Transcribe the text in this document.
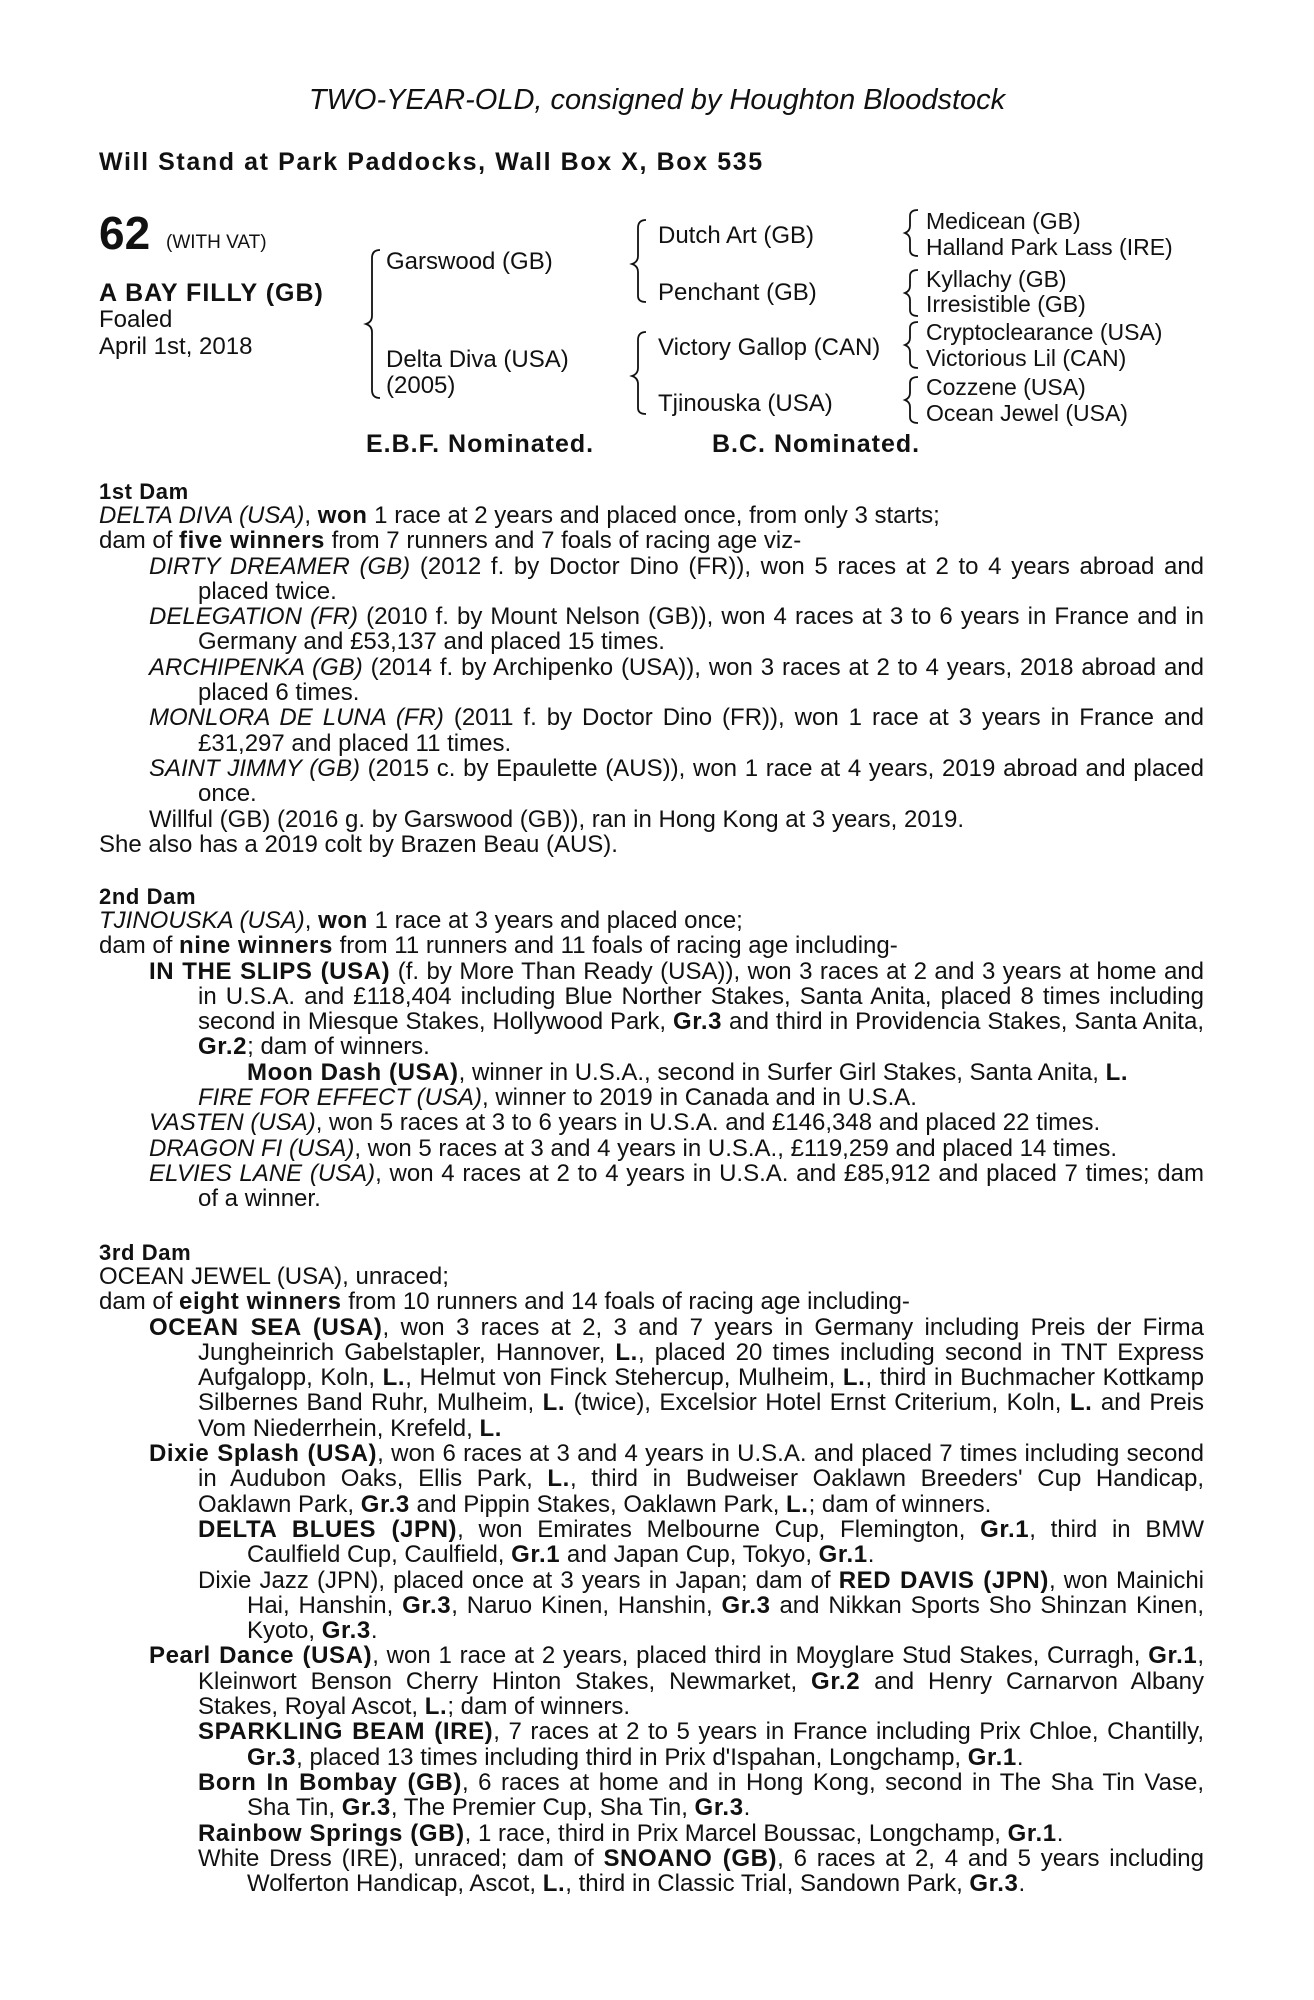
TWO-YEAR-OLD, consigned by Houghton Bloodstock
Will Stand at Park Paddocks, Wall Box X, Box 535
62 (WITH VAT)
A BAY FILLY (GB)
Foaled
April 1st, 2018
Garswood (GB)
Delta Diva (USA)
(2005)
Dutch Art (GB)
Penchant (GB)
Victory Gallop (CAN)
Tjinouska (USA)
Medicean (GB)
Halland Park Lass (IRE)
Kyllachy (GB)
Irresistible (GB)
Cryptoclearance (USA)
Victorious Lil (CAN)
Cozzene (USA)
Ocean Jewel (USA)
E.B.F. Nominated.	B.C. Nominated.
1st Dam

DELTA DIVA (USA), won 1 race at 2 years and placed once, from only 3 starts;

dam of five winners from 7 runners and 7 foals of racing age viz-

DIRTY DREAMER (GB) (2012 f. by Doctor Dino (FR)), won 5 races at 2 to 4 years abroad and placed twice.

DELEGATION (FR) (2010 f. by Mount Nelson (GB)), won 4 races at 3 to 6 years in France and in Germany and £53,137 and placed 15 times.

ARCHIPENKA (GB) (2014 f. by Archipenko (USA)), won 3 races at 2 to 4 years, 2018 abroad and placed 6 times.

MONLORA DE LUNA (FR) (2011 f. by Doctor Dino (FR)), won 1 race at 3 years in France and £31,297 and placed 11 times.

SAINT JIMMY (GB) (2015 c. by Epaulette (AUS)), won 1 race at 4 years, 2019 abroad and placed once.

Willful (GB) (2016 g. by Garswood (GB)), ran in Hong Kong at 3 years, 2019.

She also has a 2019 colt by Brazen Beau (AUS).

2nd Dam

TJINOUSKA (USA), won 1 race at 3 years and placed once;

dam of nine winners from 11 runners and 11 foals of racing age including-

IN THE SLIPS (USA) (f. by More Than Ready (USA)), won 3 races at 2 and 3 years at home and in U.S.A. and £118,404 including Blue Norther Stakes, Santa Anita, placed 8 times including second in Miesque Stakes, Hollywood Park, Gr.3 and third in Providencia Stakes, Santa Anita, Gr.2; dam of winners.

Moon Dash (USA), winner in U.S.A., second in Surfer Girl Stakes, Santa Anita, L.

FIRE FOR EFFECT (USA), winner to 2019 in Canada and in U.S.A.

VASTEN (USA), won 5 races at 3 to 6 years in U.S.A. and £146,348 and placed 22 times.

DRAGON FI (USA), won 5 races at 3 and 4 years in U.S.A., £119,259 and placed 14 times.

ELVIES LANE (USA), won 4 races at 2 to 4 years in U.S.A. and £85,912 and placed 7 times; dam of a winner.

3rd Dam

OCEAN JEWEL (USA), unraced;

dam of eight winners from 10 runners and 14 foals of racing age including-

OCEAN SEA (USA), won 3 races at 2, 3 and 7 years in Germany including Preis der Firma Jungheinrich Gabelstapler, Hannover, L., placed 20 times including second in TNT Express Aufgalopp, Koln, L., Helmut von Finck Stehercup, Mulheim, L., third in Buchmacher Kottkamp Silbernes Band Ruhr, Mulheim, L. (twice), Excelsior Hotel Ernst Criterium, Koln, L. and Preis Vom Niederrhein, Krefeld, L.

Dixie Splash (USA), won 6 races at 3 and 4 years in U.S.A. and placed 7 times including second in Audubon Oaks, Ellis Park, L., third in Budweiser Oaklawn Breeders' Cup Handicap, Oaklawn Park, Gr.3 and Pippin Stakes, Oaklawn Park, L.; dam of winners.

DELTA BLUES (JPN), won Emirates Melbourne Cup, Flemington, Gr.1, third in BMW Caulfield Cup, Caulfield, Gr.1 and Japan Cup, Tokyo, Gr.1.

Dixie Jazz (JPN), placed once at 3 years in Japan; dam of RED DAVIS (JPN), won Mainichi Hai, Hanshin, Gr.3, Naruo Kinen, Hanshin, Gr.3 and Nikkan Sports Sho Shinzan Kinen, Kyoto, Gr.3.

Pearl Dance (USA), won 1 race at 2 years, placed third in Moyglare Stud Stakes, Curragh, Gr.1, Kleinwort Benson Cherry Hinton Stakes, Newmarket, Gr.2 and Henry Carnarvon Albany Stakes, Royal Ascot, L.; dam of winners.

SPARKLING BEAM (IRE), 7 races at 2 to 5 years in France including Prix Chloe, Chantilly, Gr.3, placed 13 times including third in Prix d'Ispahan, Longchamp, Gr.1.

Born In Bombay (GB), 6 races at home and in Hong Kong, second in The Sha Tin Vase, Sha Tin, Gr.3, The Premier Cup, Sha Tin, Gr.3.

Rainbow Springs (GB), 1 race, third in Prix Marcel Boussac, Longchamp, Gr.1.

White Dress (IRE), unraced; dam of SNOANO (GB), 6 races at 2, 4 and 5 years including Wolferton Handicap, Ascot, L., third in Classic Trial, Sandown Park, Gr.3.
